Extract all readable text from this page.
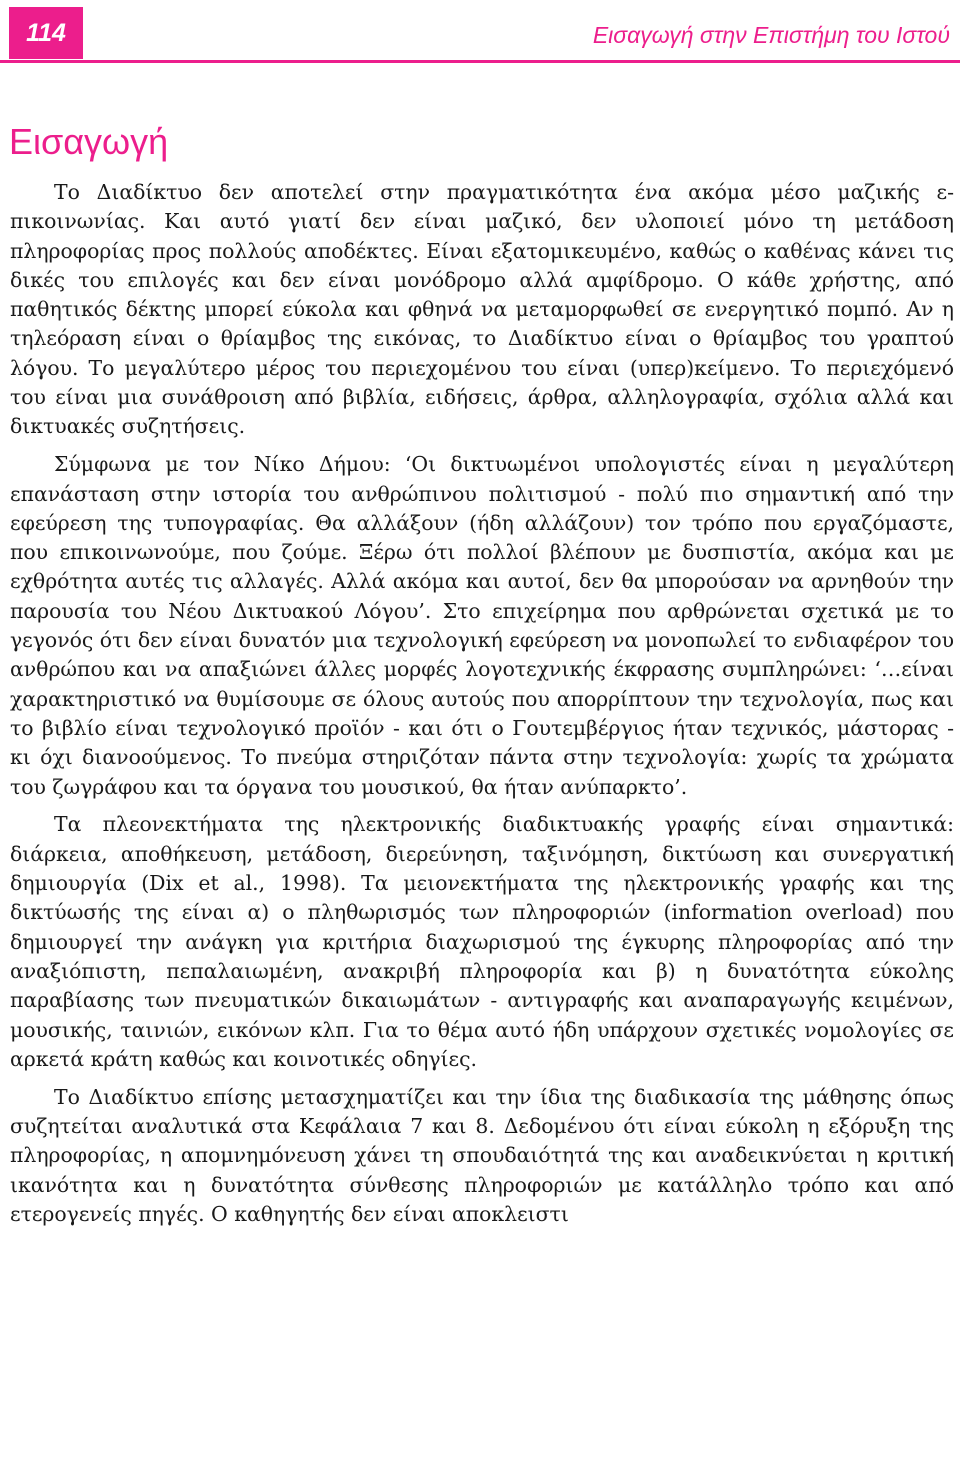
114	Εισαγωγή στην Επιστήμη του Ιστού
Εισαγωγή

Το Διαδίκτυο δεν αποτελεί στην πραγματικότητα ένα ακόμα μέσο μαζικής επικοινωνίας. Και αυτό γιατί δεν είναι μαζικό, δεν υλοποιεί μόνο τη μετάδοση πληροφορίας προς πολλούς αποδέκτες. Είναι εξατομικευμένο, καθώς ο καθένας κάνει τις δικές του επιλογές και δεν είναι μονόδρομο αλλά αμφίδρομο. Ο κάθε χρήστης, από παθητικός δέκτης μπορεί εύκολα και φθηνά να μεταμορφωθεί σε ενεργητικό πομπό. Αν η τηλεόραση είναι ο θρίαμβος της εικόνας, το Διαδίκτυο είναι ο θρίαμβος του γραπτού λόγου. Το μεγαλύτερο μέρος του περιεχομένου του είναι (υπερ)κείμενο. Το περιεχόμενό του είναι μια συνάθροιση από βιβλία, ειδήσεις, άρθρα, αλληλογραφία, σχόλια αλλά και δικτυακές συζητήσεις.

Σύμφωνα με τον Νίκο Δήμου: ‘Οι δικτυωμένοι υπολογιστές είναι η μεγαλύτερη επανάσταση στην ιστορία του ανθρώπινου πολιτισμού - πολύ πιο σημαντική από την εφεύρεση της τυπογραφίας. Θα αλλάξουν (ήδη αλλάζουν) τον τρόπο που εργαζόμαστε, που επικοινωνούμε, που ζούμε. Ξέρω ότι πολλοί βλέπουν με δυσπιστία, ακόμα και με εχθρότητα αυτές τις αλλαγές. Αλλά ακόμα και αυτοί, δεν θα μπορούσαν να αρνηθούν την παρουσία του Νέου Δικτυακού Λόγου’. Στο επιχείρημα που αρθρώνεται σχετικά με το γεγονός ότι δεν είναι δυνατόν μια τεχνολογική εφεύρεση να μονοπωλεί το ενδιαφέρον του ανθρώπου και να απαξιώνει άλλες μορφές λογοτεχνικής έκφρασης συμπληρώνει: ‘…είναι χαρακτηριστικό να θυμίσουμε σε όλους αυτούς που απορρίπτουν την τεχνολογία, πως και το βιβλίο είναι τεχνολογικό προϊόν - και ότι ο Γουτεμβέργιος ήταν τεχνικός, μάστορας - κι όχι διανοούμενος. Το πνεύμα στηριζόταν πάντα στην τεχνολογία: χωρίς τα χρώματα του ζωγράφου και τα όργανα του μουσικού, θα ήταν ανύπαρκτο’.

Τα πλεονεκτήματα της ηλεκτρονικής διαδικτυακής γραφής είναι σημαντικά: διάρκεια, αποθήκευση, μετάδοση, διερεύνηση, ταξινόμηση, δικτύωση και συνεργατική δημιουργία (Dix et al., 1998). Τα μειονεκτήματα της ηλεκτρονικής γραφής και της δικτύωσής της είναι α) ο πληθωρισμός των πληροφοριών (information overload) που δημιουργεί την ανάγκη για κριτήρια διαχωρισμού της έγκυρης πληροφορίας από την αναξιόπιστη, πεπαλαιωμένη, ανακριβή πληροφορία και β) η δυνατότητα εύκολης παραβίασης των πνευματικών δικαιωμάτων - αντιγραφής και αναπαραγωγής κειμένων, μουσικής, ταινιών, εικόνων κλπ. Για το θέμα αυτό ήδη υπάρχουν σχετικές νομολογίες σε αρκετά κράτη καθώς και κοινοτικές οδηγίες.

Το Διαδίκτυο επίσης μετασχηματίζει και την ίδια της διαδικασία της μάθησης όπως συζητείται αναλυτικά στα Κεφάλαια 7 και 8. Δεδομένου ότι είναι εύκολη η εξόρυξη της πληροφορίας, η απομνημόνευση χάνει τη σπουδαιότητά της και αναδεικνύεται η κριτική ικανότητα και η δυνατότητα σύνθεσης πληροφοριών με κατάλληλο τρόπο και από ετερογενείς πηγές. Ο καθηγητής δεν είναι αποκλειστι
